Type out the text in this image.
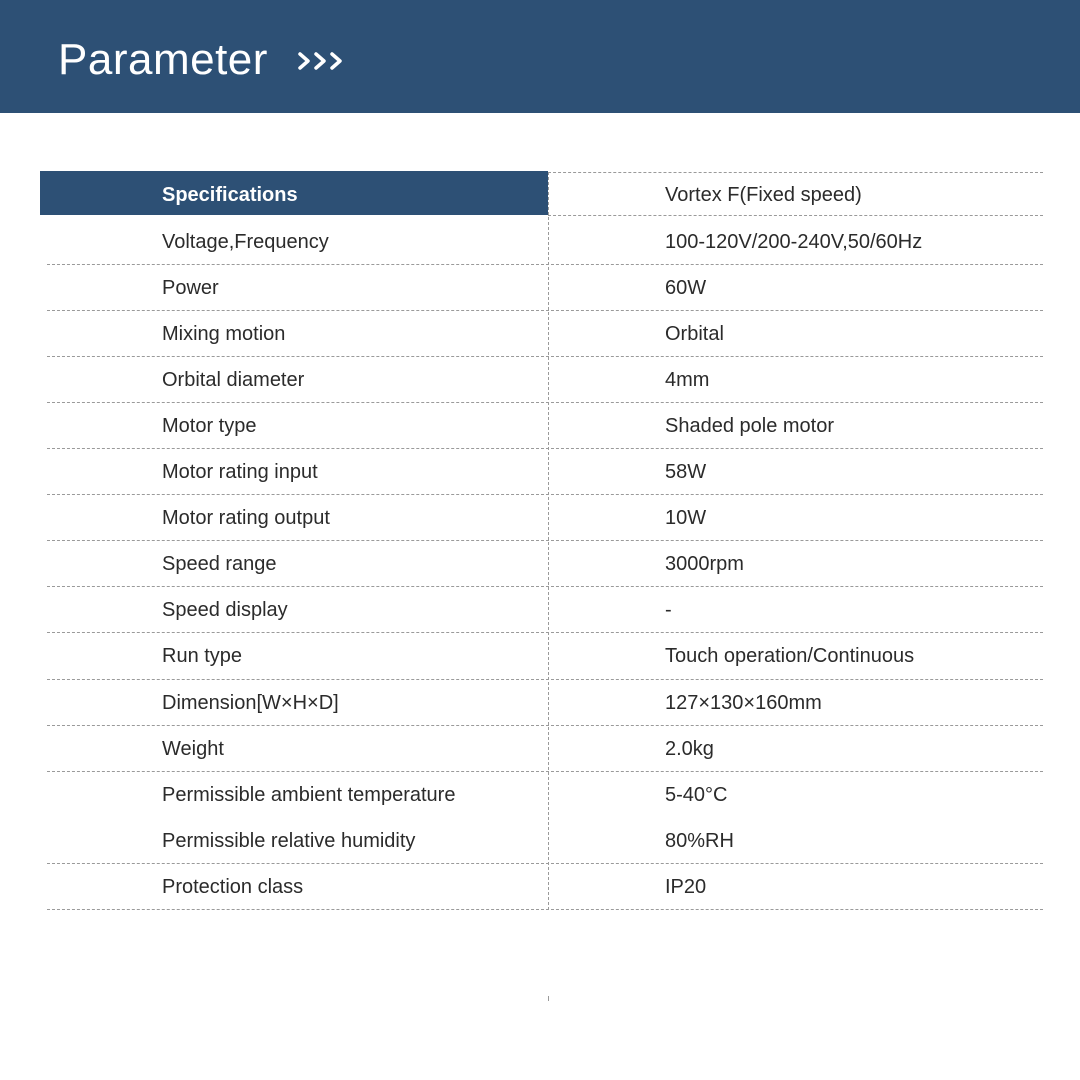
Parameter
Specifications	Vortex F(Fixed speed)
Voltage,Frequency	100-120V/200-240V,50/60Hz
Power	60W
Mixing motion	Orbital
Orbital diameter	4mm
Motor type	Shaded pole motor
Motor rating input	58W
Motor rating output	10W
Speed range	3000rpm
Speed display	-
Run type	Touch operation/Continuous
Dimension[W×H×D]	127×130×160mm
Weight	2.0kg
Permissible ambient temperature	5-40°C
Permissible relative humidity	80%RH
Protection class	IP20
